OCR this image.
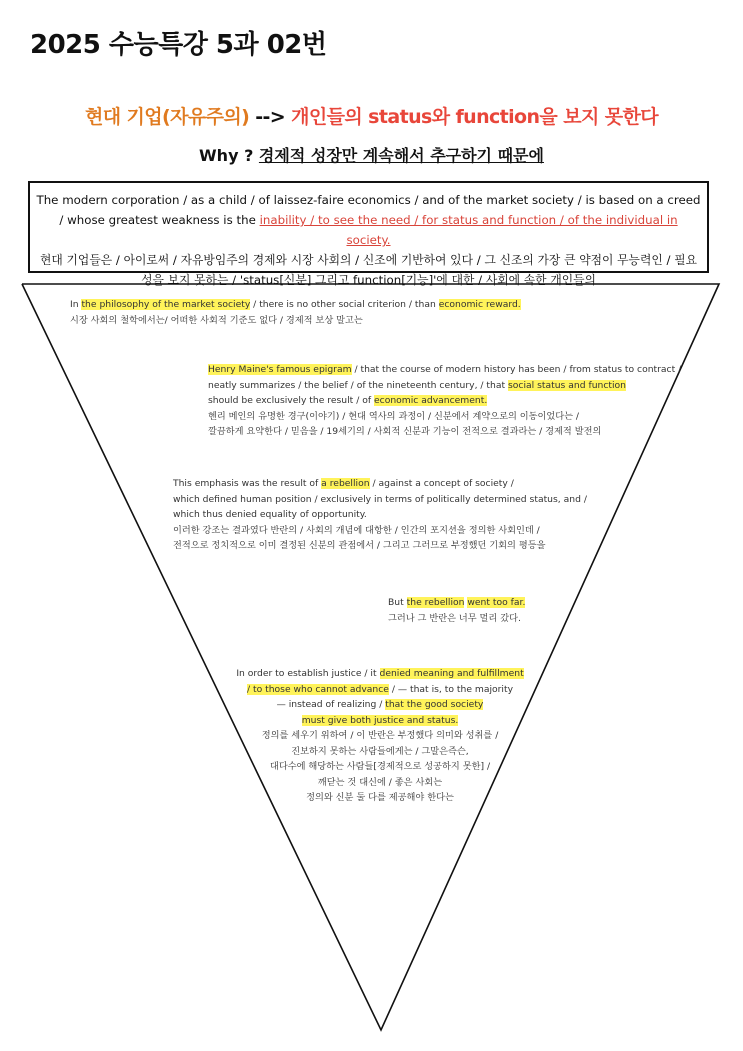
2025 수능특강 5과 02번
현대 기업(자유주의) --> 개인들의 status와 function을 보지 못한다
Why ? 경제적 성장만 계속해서 추구하기 때문에
The modern corporation / as a child / of laissez-faire economics / and of the market society / is based on a creed / whose greatest weakness is the inability / to see the need / for status and function / of the individual in society.
현대 기업들은 / 아이로써 / 자유방임주의 경제와 시장 사회의 / 신조에 기반하여 있다 / 그 신조의 가장 큰 약점이 무능력인 / 필요성을 보지 못하는 / 'status[신분] 그리고 function[기능]'에 대한 / 사회에 속한 개인들의
In the philosophy of the market society / there is no other social criterion / than economic reward.
시장 사회의 철학에서는/ 어떠한 사회적 기준도 없다 / 경제적 보상 말고는
Henry Maine's famous epigram / that the course of modern history has been / from status to contract /
neatly summarizes / the belief / of the nineteenth century, / that social status and function
should be exclusively the result / of economic advancement.
헨리 메인의 유명한 경구(이야기) / 현대 역사의 과정이 / 신분에서 계약으로의 이동이었다는 /
깔끔하게 요약한다 / 믿음을 / 19세기의 / 사회적 신분과 기능이 전적으로 결과라는 / 경제적 발전의
This emphasis was the result of a rebellion / against a concept of society /
which defined human position / exclusively in terms of politically determined status, and /
which thus denied equality of opportunity.
이러한 강조는 결과였다 반란의 / 사회의 개념에 대항한 / 인간의 포지션을 정의한 사회인데 /
전적으로 정치적으로 이미 결정된 신분의 관점에서 / 그리고 그러므로 부정했던 기회의 평등을
But the rebellion went too far.
그러나 그 반란은 너무 멀리 갔다.
In order to establish justice / it denied meaning and fulfillment
/ to those who cannot advance / — that is, to the majority
— instead of realizing / that the good society
must give both justice and status.
정의를 세우기 위하여 / 이 반란은 부정했다 의미와 성취를 /
진보하지 못하는 사람들에게는 / 그말은즉슨,
대다수에 해당하는 사람들[경제적으로 성공하지 못한] /
깨닫는 것 대신에 / 좋은 사회는
정의와 신분 둘 다를 제공해야 한다는
